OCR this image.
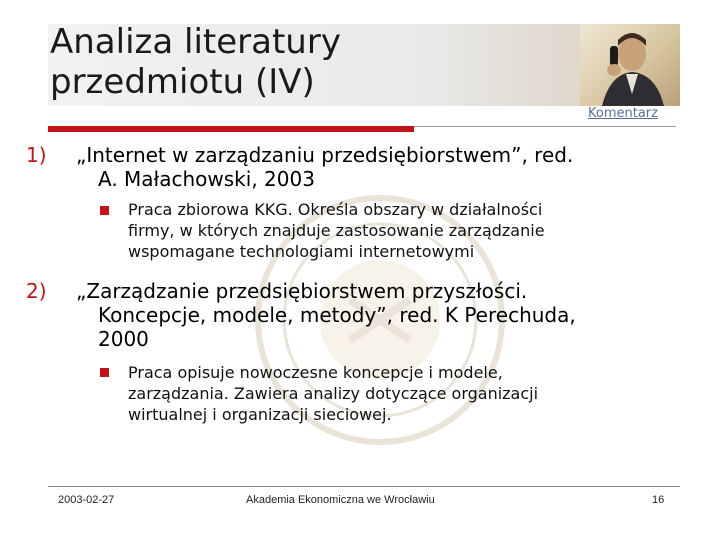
Analiza literatury
przedmiotu (IV)
Komentarz
1) „Internet w zarządzaniu przedsiębiorstwem”, red.
A. Małachowski, 2003
Praca zbiorowa KKG. Określa obszary w działalności
firmy, w których znajduje zastosowanie zarządzanie
wspomagane technologiami internetowymi
2) „Zarządzanie przedsiębiorstwem przyszłości.
Koncepcje, modele, metody”, red. K Perechuda,
2000
Praca opisuje nowoczesne koncepcje i modele,
zarządzania. Zawiera analizy dotyczące organizacji
wirtualnej i organizacji sieciowej.
2003-02-27	Akademia Ekonomiczna we Wrocławiu	16
